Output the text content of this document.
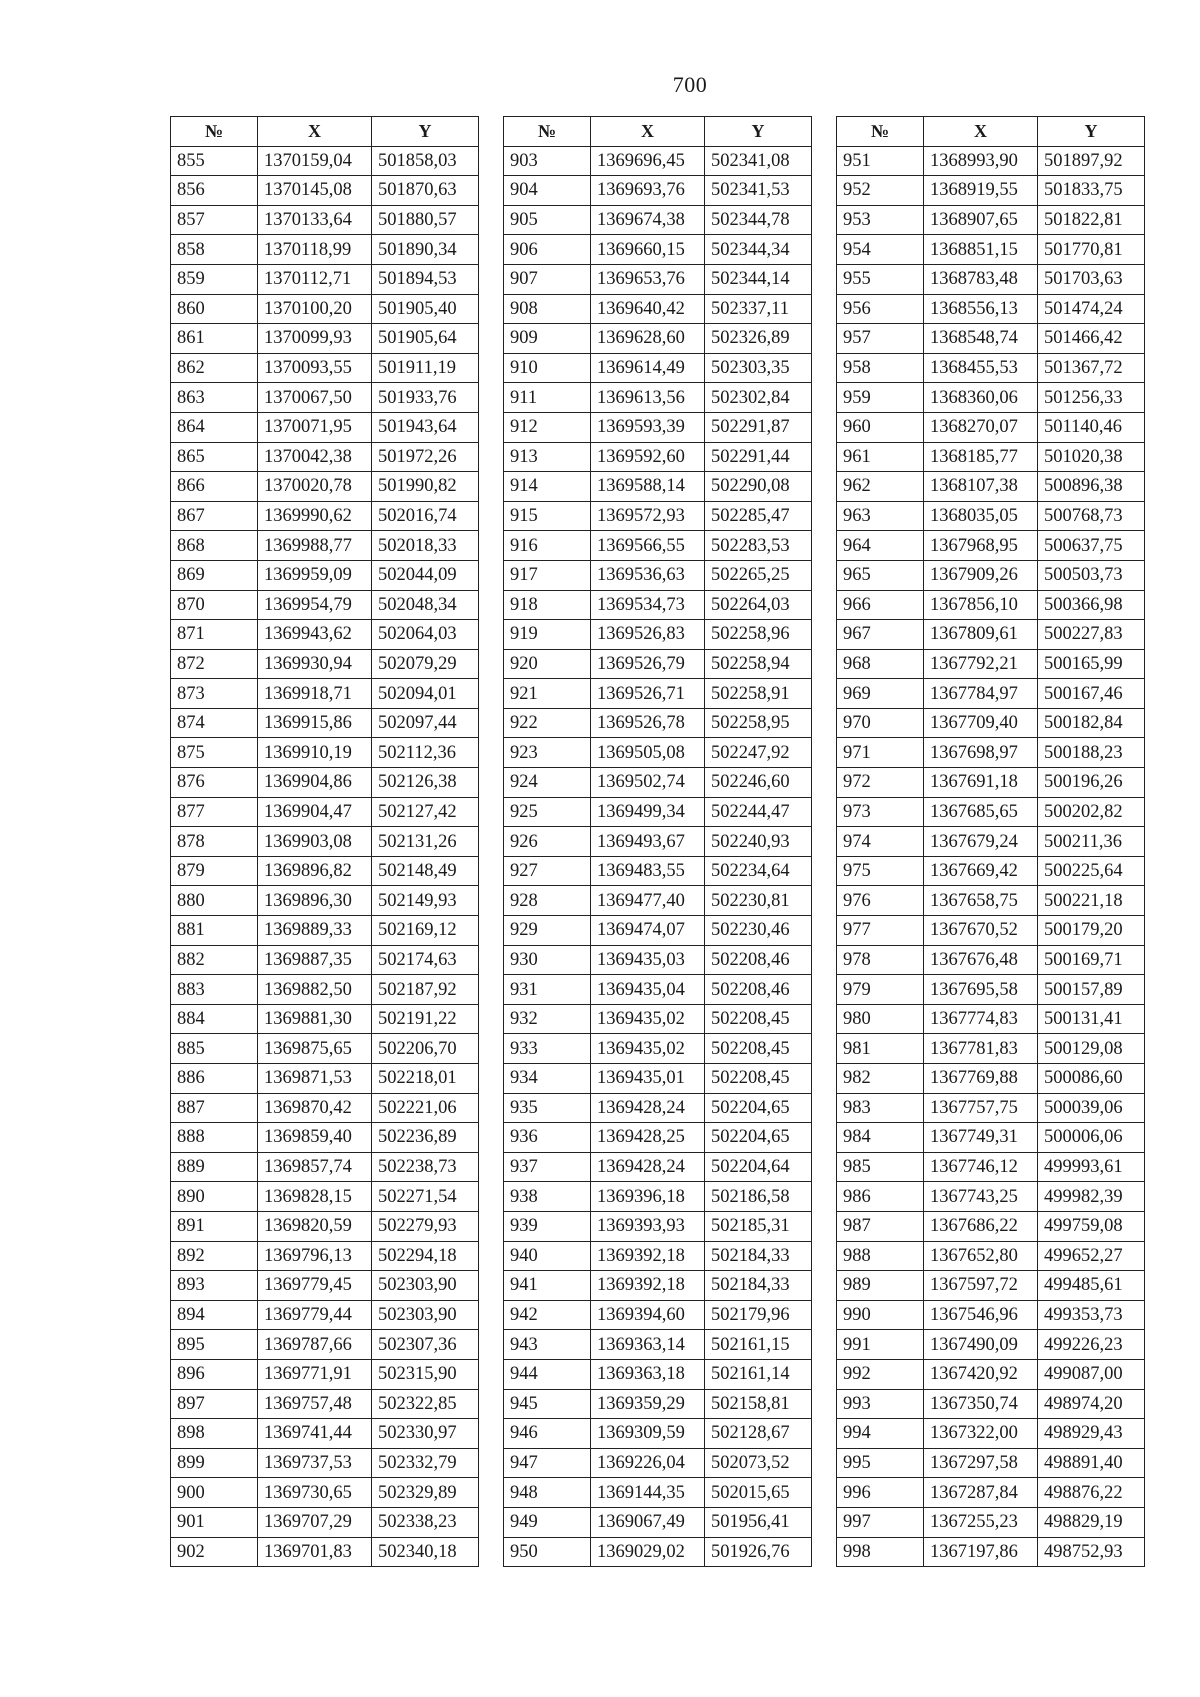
700
№	X	Y
855	1370159,04	501858,03
856	1370145,08	501870,63
857	1370133,64	501880,57
858	1370118,99	501890,34
859	1370112,71	501894,53
860	1370100,20	501905,40
861	1370099,93	501905,64
862	1370093,55	501911,19
863	1370067,50	501933,76
864	1370071,95	501943,64
865	1370042,38	501972,26
866	1370020,78	501990,82
867	1369990,62	502016,74
868	1369988,77	502018,33
869	1369959,09	502044,09
870	1369954,79	502048,34
871	1369943,62	502064,03
872	1369930,94	502079,29
873	1369918,71	502094,01
874	1369915,86	502097,44
875	1369910,19	502112,36
876	1369904,86	502126,38
877	1369904,47	502127,42
878	1369903,08	502131,26
879	1369896,82	502148,49
880	1369896,30	502149,93
881	1369889,33	502169,12
882	1369887,35	502174,63
883	1369882,50	502187,92
884	1369881,30	502191,22
885	1369875,65	502206,70
886	1369871,53	502218,01
887	1369870,42	502221,06
888	1369859,40	502236,89
889	1369857,74	502238,73
890	1369828,15	502271,54
891	1369820,59	502279,93
892	1369796,13	502294,18
893	1369779,45	502303,90
894	1369779,44	502303,90
895	1369787,66	502307,36
896	1369771,91	502315,90
897	1369757,48	502322,85
898	1369741,44	502330,97
899	1369737,53	502332,79
900	1369730,65	502329,89
901	1369707,29	502338,23
902	1369701,83	502340,18
№	X	Y
903	1369696,45	502341,08
904	1369693,76	502341,53
905	1369674,38	502344,78
906	1369660,15	502344,34
907	1369653,76	502344,14
908	1369640,42	502337,11
909	1369628,60	502326,89
910	1369614,49	502303,35
911	1369613,56	502302,84
912	1369593,39	502291,87
913	1369592,60	502291,44
914	1369588,14	502290,08
915	1369572,93	502285,47
916	1369566,55	502283,53
917	1369536,63	502265,25
918	1369534,73	502264,03
919	1369526,83	502258,96
920	1369526,79	502258,94
921	1369526,71	502258,91
922	1369526,78	502258,95
923	1369505,08	502247,92
924	1369502,74	502246,60
925	1369499,34	502244,47
926	1369493,67	502240,93
927	1369483,55	502234,64
928	1369477,40	502230,81
929	1369474,07	502230,46
930	1369435,03	502208,46
931	1369435,04	502208,46
932	1369435,02	502208,45
933	1369435,02	502208,45
934	1369435,01	502208,45
935	1369428,24	502204,65
936	1369428,25	502204,65
937	1369428,24	502204,64
938	1369396,18	502186,58
939	1369393,93	502185,31
940	1369392,18	502184,33
941	1369392,18	502184,33
942	1369394,60	502179,96
943	1369363,14	502161,15
944	1369363,18	502161,14
945	1369359,29	502158,81
946	1369309,59	502128,67
947	1369226,04	502073,52
948	1369144,35	502015,65
949	1369067,49	501956,41
950	1369029,02	501926,76
№	X	Y
951	1368993,90	501897,92
952	1368919,55	501833,75
953	1368907,65	501822,81
954	1368851,15	501770,81
955	1368783,48	501703,63
956	1368556,13	501474,24
957	1368548,74	501466,42
958	1368455,53	501367,72
959	1368360,06	501256,33
960	1368270,07	501140,46
961	1368185,77	501020,38
962	1368107,38	500896,38
963	1368035,05	500768,73
964	1367968,95	500637,75
965	1367909,26	500503,73
966	1367856,10	500366,98
967	1367809,61	500227,83
968	1367792,21	500165,99
969	1367784,97	500167,46
970	1367709,40	500182,84
971	1367698,97	500188,23
972	1367691,18	500196,26
973	1367685,65	500202,82
974	1367679,24	500211,36
975	1367669,42	500225,64
976	1367658,75	500221,18
977	1367670,52	500179,20
978	1367676,48	500169,71
979	1367695,58	500157,89
980	1367774,83	500131,41
981	1367781,83	500129,08
982	1367769,88	500086,60
983	1367757,75	500039,06
984	1367749,31	500006,06
985	1367746,12	499993,61
986	1367743,25	499982,39
987	1367686,22	499759,08
988	1367652,80	499652,27
989	1367597,72	499485,61
990	1367546,96	499353,73
991	1367490,09	499226,23
992	1367420,92	499087,00
993	1367350,74	498974,20
994	1367322,00	498929,43
995	1367297,58	498891,40
996	1367287,84	498876,22
997	1367255,23	498829,19
998	1367197,86	498752,93
